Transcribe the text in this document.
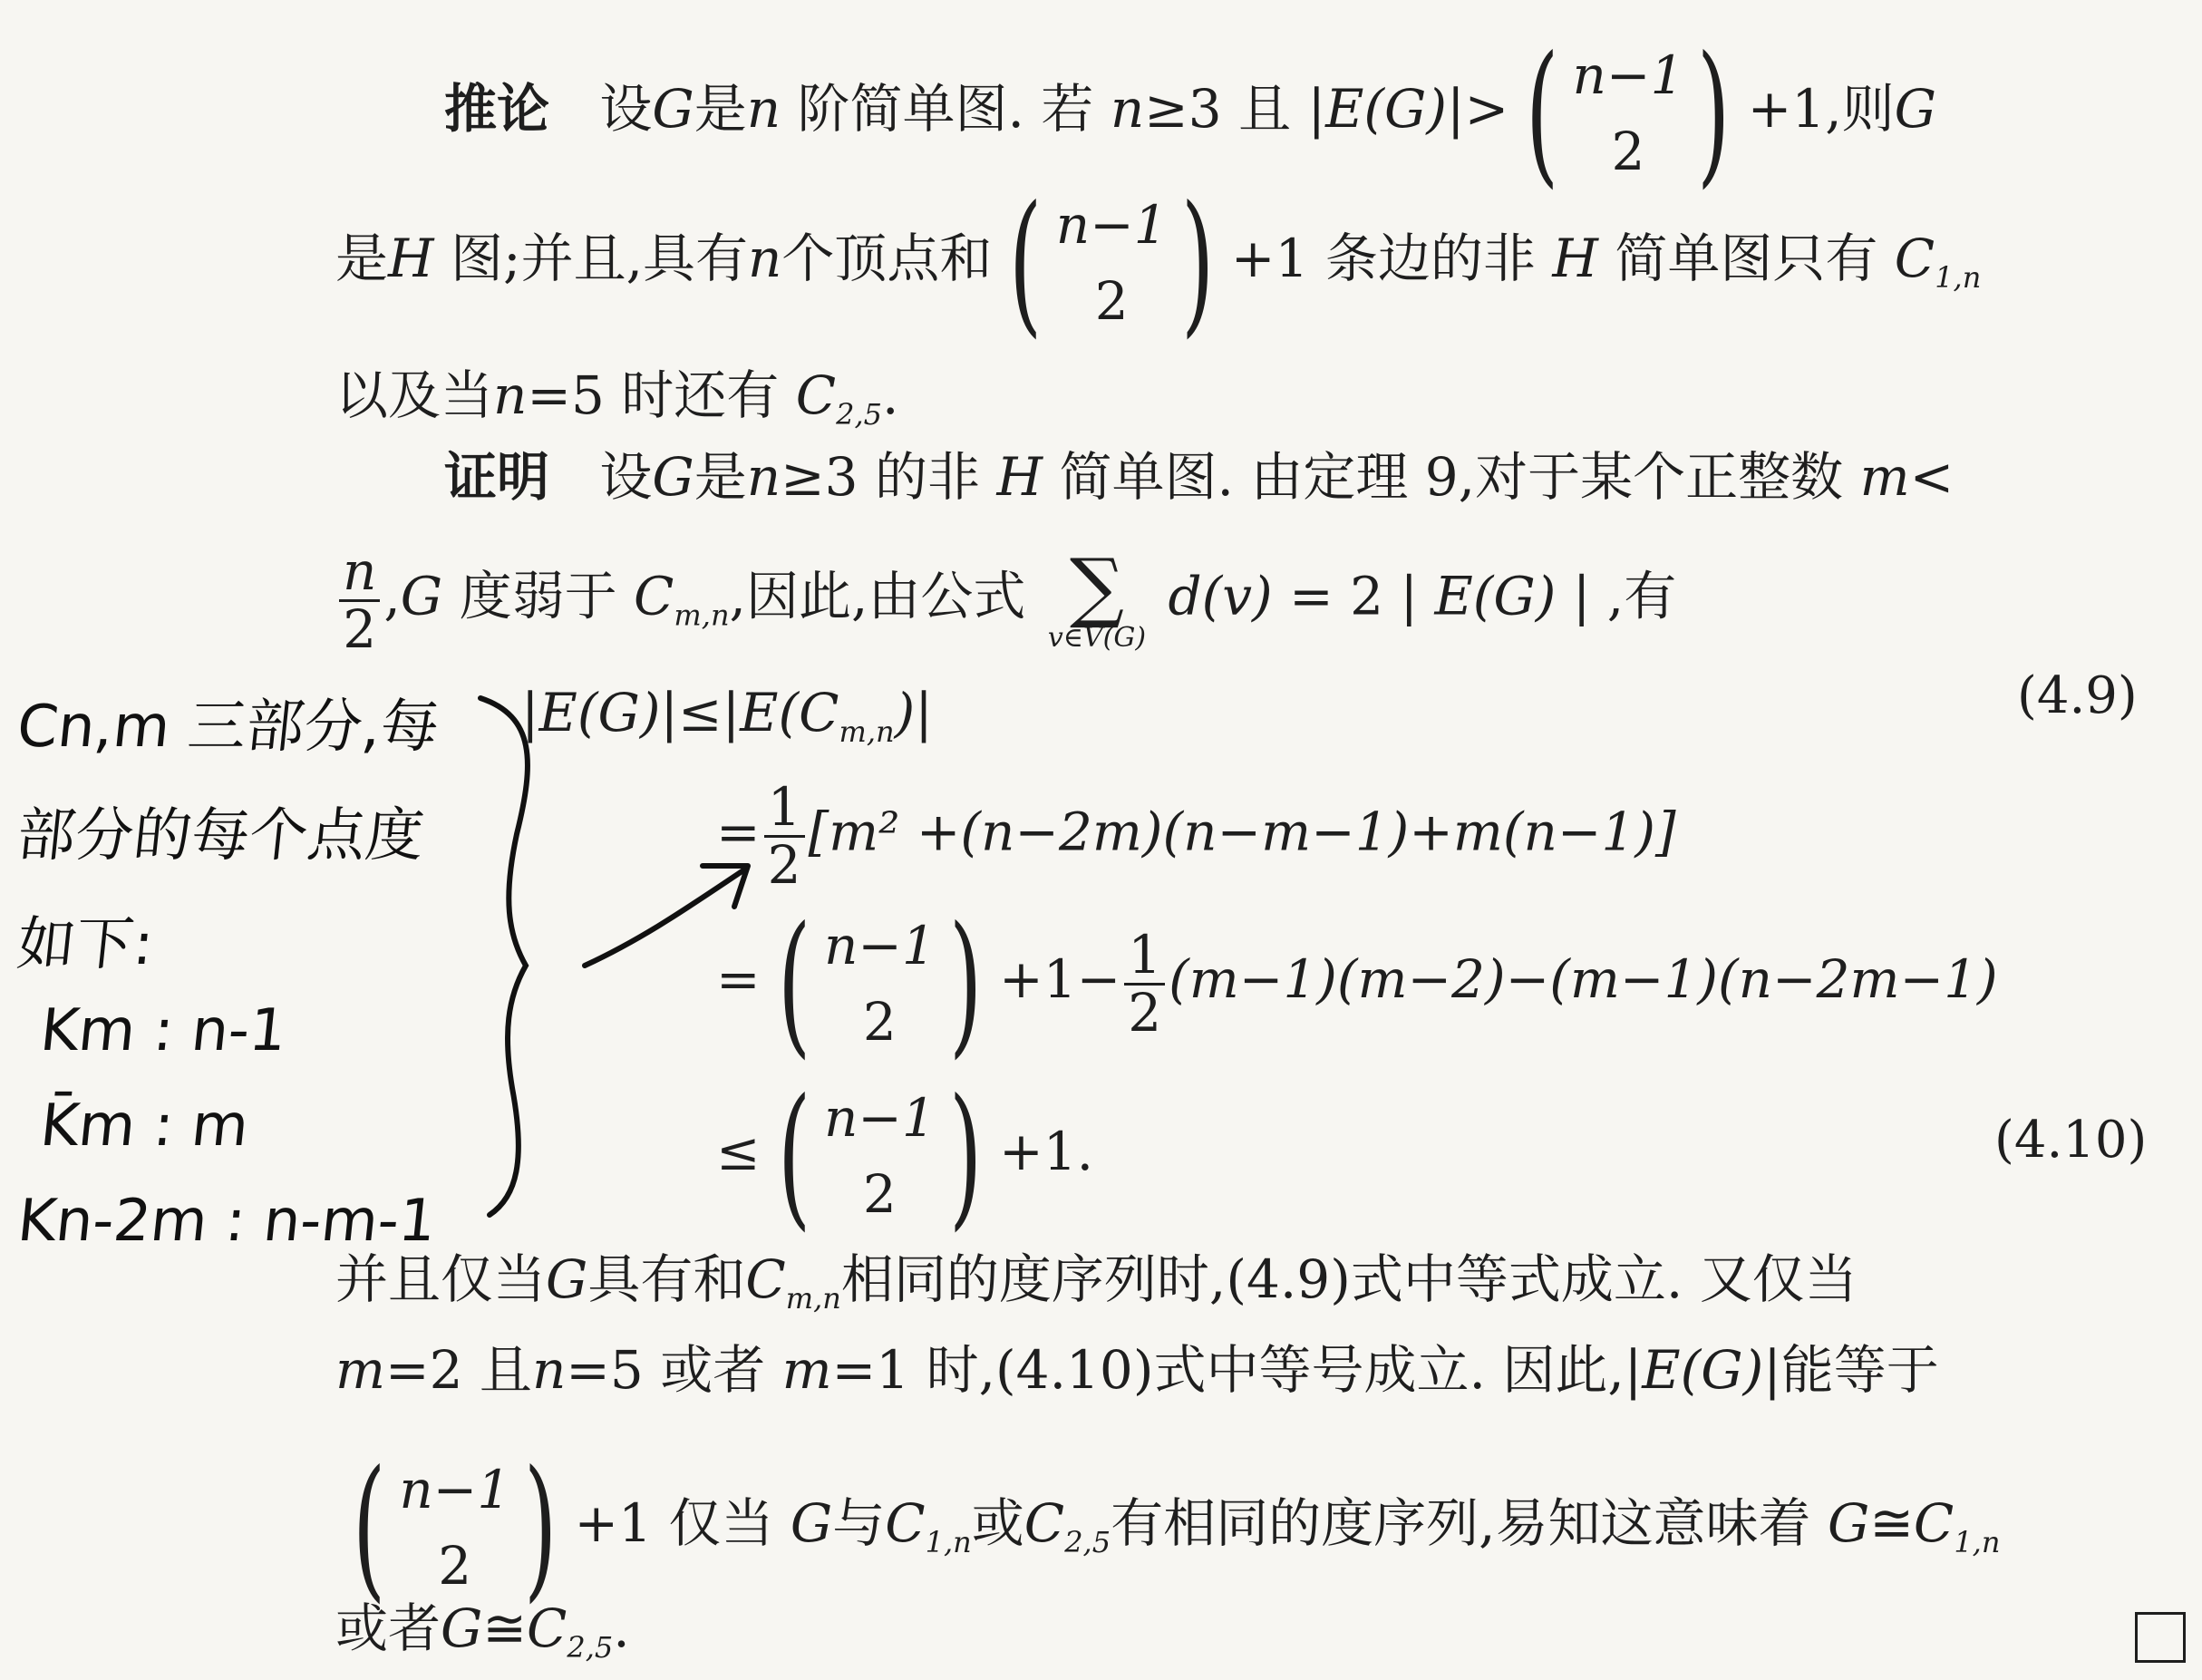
推论 设G是n 阶简单图. 若 n≥3 且 |E(G)|> ( n−1
2 ) +1,则G
是H 图;并且,具有n个顶点和 ( n−1
2 ) +1 条边的非 H 简单图只有 $C_{1,n}$
以及当n=5 时还有 $C_{2,5}$.
证明 设G是n≥3 的非 H 简单图. 由定理 9,对于某个正整数 m<
$\frac{n}{2} ,G$ 度弱于 $C_{m,n}$,因此,由公式 ∑
v∈V(G)
d(v) = 2 | E(G) | ,有
$|E(G)|\le|E(C_{m,n})|$	(4.9)
= $\frac{1}{2} [m^2 +(n-2m)(n-m-1)+m(n-1)]$
= ( n−1
2 ) $+1- \frac{1}{2} (m-1)(m-2)-(m-1)(n-2m-1)$
≤ ( n−1
2 ) +1.	(4.10)
并且仅当G具有和$C_{m,n}$相同的度序列时,(4.9)式中等式成立. 又仅当
m=2 且n=5 或者 m=1 时,(4.10)式中等号成立. 因此,|E(G)|能等于
( n−1
2 ) +1 仅当 G与$C_{1,n}$或$C_{2,5}$有相同的度序列,易知这意味着 $G≅C_{1,n}$
或者$G≅C_{2,5}$.
Cn,m 三部分,每
部分的每个点度
如下:
Km : n-1
K̄m : m
Kn-2m : n-m-1
